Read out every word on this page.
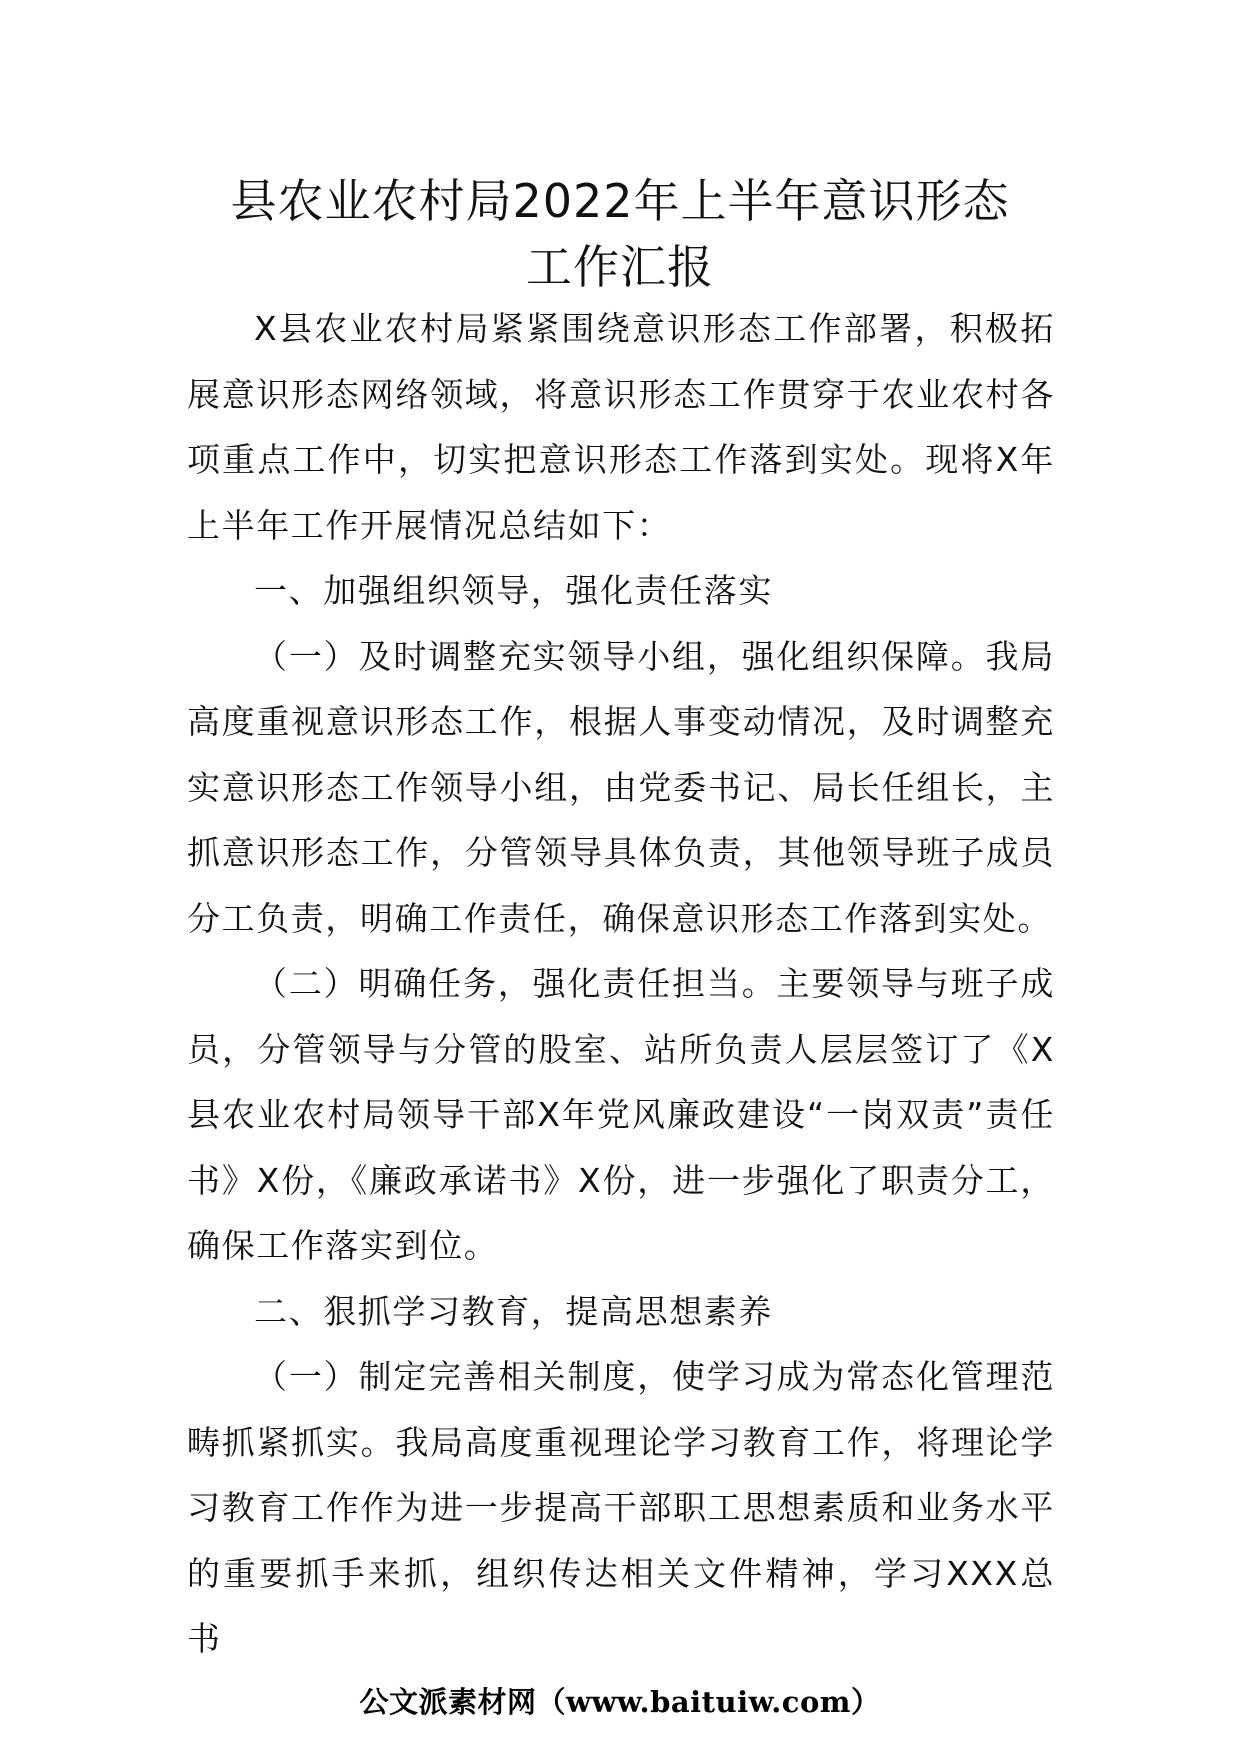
县农业农村局2022年上半年意识形态
工作汇报

X县农业农村局紧紧围绕意识形态工作部署，积极拓展意识形态网络领域，将意识形态工作贯穿于农业农村各项重点工作中，切实把意识形态工作落到实处。现将X年上半年工作开展情况总结如下：

一、加强组织领导，强化责任落实

（一）及时调整充实领导小组，强化组织保障。我局高度重视意识形态工作，根据人事变动情况，及时调整充实意识形态工作领导小组，由党委书记、局长任组长，主抓意识形态工作，分管领导具体负责，其他领导班子成员分工负责，明确工作责任，确保意识形态工作落到实处。

（二）明确任务，强化责任担当。主要领导与班子成员，分管领导与分管的股室、站所负责人层层签订了《X县农业农村局领导干部X年党风廉政建设“一岗双责”责任书》X份，《廉政承诺书》X份，进一步强化了职责分工，确保工作落实到位。

二、狠抓学习教育，提高思想素养

（一）制定完善相关制度，使学习成为常态化管理范畴抓紧抓实。我局高度重视理论学习教育工作，将理论学习教育工作作为进一步提高干部职工思想素质和业务水平的重要抓手来抓，组织传达相关文件精神，学习XXX总书

公文派素材网（www.baituiw.com）
